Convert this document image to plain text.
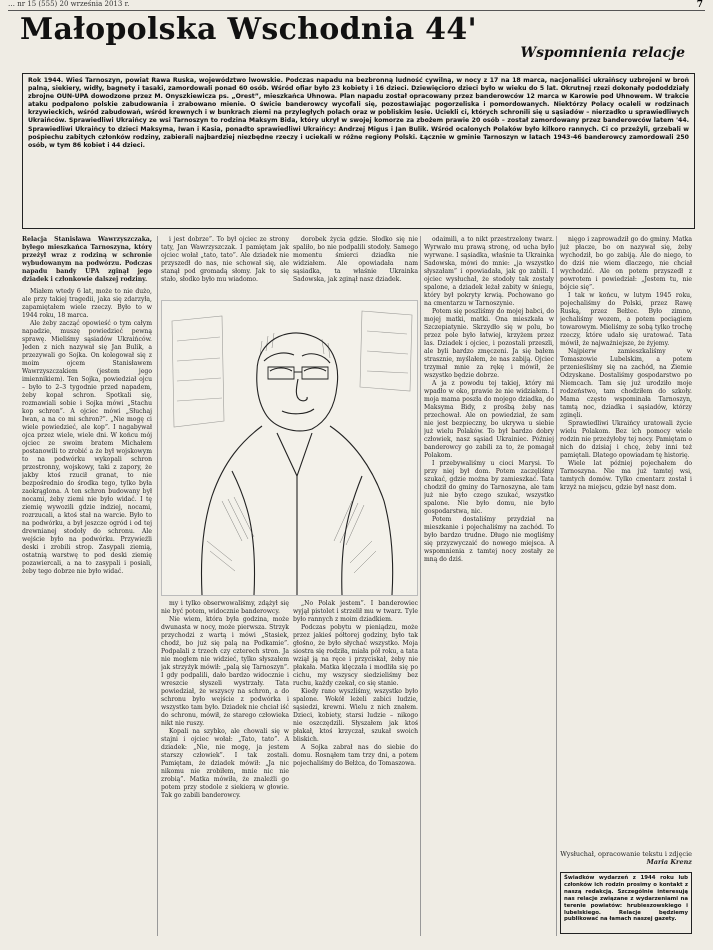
… nr 15 (555) 20 września 2013 r.	7
Małopolska Wschodnia 44'
Wspomnienia relacje

Rok 1944. Wieś Tarnoszyn, powiat Rawa Ruska, województwo lwowskie. Podczas napadu na bezbronną ludność cywilną, w nocy z 17 na 18 marca, nacjonaliści ukraińscy uzbrojeni w broń palną, siekiery, widły, bagnety i tasaki, zamordowali ponad 60 osób. Wśród ofiar było 23 kobiety i 16 dzieci. Dziewięcioro dzieci było w wieku do 5 lat. Okrutnej rzezi dokonały pododdziały zbrojne OUN-UPA dowodzone przez M. Onyszkiewicza ps. „Orest”, mieszkańca Uhnowa. Plan napadu został opracowany przez banderowców 12 marca w Karowie pod Uhnowem. W trakcie ataku podpalono polskie zabudowania i zrabowano mienie. O świcie banderowcy wycofali się, pozostawiając pogorzeliska i pomordowanych. Niektórzy Polacy ocaleli w rodzinach krzywieckich, wśród zabudowań, wśród krewnych i w bunkrach ziemi na przyległych polach oraz w pobliskim lesie. Uciekli ci, których schronili się u sąsiadów – nierzadko u sprawiedliwych Ukraińców. Sprawiedliwi Ukraińcy ze wsi Tarnoszyn to rodzina Maksym Bida, który ukrył w swojej komorze za zbożem prawie 20 osób – został zamordowany przez banderowców latem '44. Sprawiedliwi Ukraińcy to dzieci Maksyma, Iwan i Kasia, ponadto sprawiedliwi Ukraińcy: Andrzej Migus i Jan Bulik. Wśród ocalonych Polaków było kilkoro rannych. Ci co przeżyli, grzebali w pośpiechu zabitych członków rodziny, zabierali najbardziej niezbędne rzeczy i uciekali w różne regiony Polski. Łącznie w gminie Tarnoszyn w latach 1943-46 banderowcy zamordowali 250 osób, w tym 86 kobiet i 44 dzieci.

Relacja Stanisława Wawrzyszczaka, byłego mieszkańca Tarnoszyna, który przeżył wraz z rodziną w schronie wybudowanym na podwórzu. Podczas napadu bandy UPA zginął jego dziadek i członkowie dalszej rodziny.

Miałem wtedy 6 lat, może to nie dużo, ale przy takiej tragedii, jaka się zdarzyła, zapamiętałem wiele rzeczy. Było to w 1944 roku, 18 marca.

Ale żeby zacząć opowieść o tym całym napadzie, muszę powiedzieć pewną sprawę. Mieliśmy sąsiadów Ukraińców. Jeden z nich nazywał się Jan Bulik, a przezywali go Sojka. On kolegował się z moim ojcem Stanisławem Wawrzyszczakiem (jestem jego imiennikiem). Ten Sojka, powiedział ojcu – było to 2–3 tygodnie przed napadem, żeby kopał schron. Spotkali się, rozmawiali sobie i Sojka mówi „Stachu kop schron”. A ojciec mówi „Słuchaj Iwan, a na co mi schron?”. „Nie mogę ci wiele powiedzieć, ale kop”. I nagabywał ojca przez wiele, wiele dni. W końcu mój ojciec ze swoim bratem Michałem postanowili to zrobić a że był wojskowym to na podwórku wykopali schron przestronny, wojskowy, taki z zapory, że jakby ktoś rzucił granat, to nie bezpośrednio do środka tego, tylko była zaokrąglona. A ten schron budowany był nocami, żeby ziemi nie było widać. I tę ziemię wywozili gdzie indziej, nocami, rozrzucali, a ktoś stał na warcie. Było to na podwórku, a był jeszcze ogród i od tej drewnianej stodoły do schronu. Ale wejście było na podwórku. Przywieźli deski i zrobili strop. Zasypali ziemią, ostatnią warstwę to pod deski ziemię pozawiercali, a na to zasypali i posiali, żeby tego dobrze nie było widać.

i jest dobrze”. To był ojciec ze strony taty, Jan Wawrzyszczak. I pamiętam jak ojciec wołał „tato, tato”. Ale dziadek nie przyszedł do nas, nie schował się, ale stanął pod gromadą słomy. Jak to się stało, słodko było mu wiadomo.

my i tylko obserwowaliśmy, zdążył się nie być potem, widocznie banderowcy.

Nie wiem, która była godzina, może dwunasta w nocy, może pierwsza. Strzyk przychodzi z wartą i mówi „Stasiek, chodź, bo już się palą na Podkamie”. Podpalali z trzech czy czterech stron. Ja nie mogłem nie widzieć, tylko słyszałem jak strzyżyk mówił: „palą się Tarnoszyn”. I gdy podpalili, dało bardzo widocznie i wreszcie słyszeli wystrzały. Tata powiedział, że wszyscy na schron, a do schronu było wejście z podwórka i wszystko tam było. Dziadek nie chciał iść do schronu, mówił, że starego człowieka nikt nie ruszy.

Kopali na szybko, ale chowali się w stajni i ojciec wołał: „Tato, tato”. A dziadek: „Nie, nie mogę, ja jestem starszy człowiek”. I tak zostali. Pamiętam, że dziadek mówił: „Ja nic nikomu nie zrobiłem, mnie nic nie zrobią”. Matka mówiła, że znaleźli go potem przy stodole z siekierą w głowie. Tak go zabili banderowcy.

dorobek życia gdzie. Słodko się nie spaliło, bo nie podpalili stodoły. Samego momentu śmierci dziadka nie widziałem. Ale opowiadała nam sąsiadka, ta właśnie Ukrainka Sadowska, jak zginął nasz dziadek.

„No Polak jestem”. I banderowiec wyjął pistolet i strzelił mu w twarz. Tyle było rannych z moim dziadkiem.

Podczas pobytu w pieniądzu, może przez jakieś półtorej godziny, było tak głośno, że było słychać wszystko. Moja siostra się rodziła, miała pół roku, a tata wziął ją na ręce i przyciskał, żeby nie płakała. Matka klęczała i modliła się po cichu, my wszyscy siedzieliśmy bez ruchu, każdy czekał, co się stanie.

Kiedy rano wyszliśmy, wszystko było spalone. Wokół leżeli zabici ludzie, sąsiedzi, krewni. Wielu z nich znałem. Dzieci, kobiety, starsi ludzie – nikogo nie oszczędzili. Słyszałem jak ktoś płakał, ktoś krzyczał, szukał swoich bliskich.

A Sojka zabrał nas do siebie do domu. Rosnąłem tam trzy dni, a potem pojechaliśmy do Bełżca, do Tomaszowa.

odaimili, a to nikt przestrzelony twarz. Wyrwało mu prawą stronę, od ucha było wyrwane. I sąsiadka, właśnie ta Ukrainka Sadowska, mówi do mnie: „ja wszystko słyszałam” i opowiadała, jak go zabili. I ojciec wysłuchał, że stodoły tak zostały spalone, a dziadek leżał zabity w śniegu, który był pokryty krwią. Pochowano go na cmentarzu w Tarnoszynie.

Potem się poszliśmy do mojej babci, do mojej matki, matki. Ona mieszkała w Szczepiatynie. Skrzydło się w polu, bo przez pole było łatwiej, krzyżem przez las. Dziadek i ojciec, i pozostali przeszli, ale byli bardzo zmęczeni. Ja się bałem strasznie, myślałem, że nas zabiją. Ojciec trzymał mnie za rękę i mówił, że wszystko będzie dobrze.

A ja z powodu tej takiej, który mi wpadło w oko, prawie że nie widziałem. I moja mama poszła do mojego dziadka, do Maksyma Bidy, z prośbą żeby nas przechował. Ale on powiedział, że sam nie jest bezpieczny, bo ukrywa u siebie już wielu Polaków. To był bardzo dobry człowiek, nasz sąsiad Ukrainiec. Później banderowcy go zabili za to, że pomagał Polakom.

I przebywaliśmy u cioci Marysi. To przy niej był dom. Potem zaczęliśmy szukać, gdzie można by zamieszkać. Tata chodził do gminy do Tarnoszyna, ale tam już nie było czego szukać, wszystko spalone. Nie było domu, nie było gospodarstwa, nic.

Potem dostaliśmy przydział na mieszkanie i pojechaliśmy na zachód. To było bardzo trudne. Długo nie mogliśmy się przyzwyczaić do nowego miejsca. A wspomnienia z tamtej nocy zostały ze mną do dziś.

nięgo i zaprowadził go do gminy. Matka już płacze, bo on nazywał się, żeby wychodził, bo go zabiją. Ale do niego, to do dziś nie wiem dlaczego, nie chciał wychodzić. Ale on potem przyszedł z powrotem i powiedział: „Jestem tu, nie bójcie się”.

I tak w końcu, w lutym 1945 roku, pojechaliśmy do Polski, przez Rawę Ruską, przez Bełżec. Było zimno, jechaliśmy wozem, a potem pociągiem towarowym. Mieliśmy ze sobą tylko trochę rzeczy, które udało się uratować. Tata mówił, że najważniejsze, że żyjemy.

Najpierw zamieszkaliśmy w Tomaszowie Lubelskim, a potem przenieśliśmy się na zachód, na Ziemie Odzyskane. Dostaliśmy gospodarstwo po Niemcach. Tam się już urodziło moje rodzeństwo, tam chodziłem do szkoły. Mama często wspominała Tarnoszyn, tamtą noc, dziadka i sąsiadów, którzy zginęli.

Sprawiedliwi Ukraińcy uratowali życie wielu Polakom. Bez ich pomocy wiele rodzin nie przeżyłoby tej nocy. Pamiętam o nich do dzisiaj i chcę, żeby inni też pamiętali. Dlatego opowiadam tę historię.

Wiele lat później pojechałem do Tarnoszyna. Nie ma już tamtej wsi, tamtych domów. Tylko cmentarz został i krzyż na miejscu, gdzie był nasz dom.

Wysłuchał, opracowanie tekstu i zdjęcie
Maria Krenz
Świadków wydarzeń z 1944 roku lub członków ich rodzin prosimy o kontakt z naszą redakcją. Szczególnie interesują nas relacje związane z wydarzeniami na terenie powiatów: hrubieszowskiego i lubelskiego. Relacje będziemy publikować na łamach naszej gazety.
